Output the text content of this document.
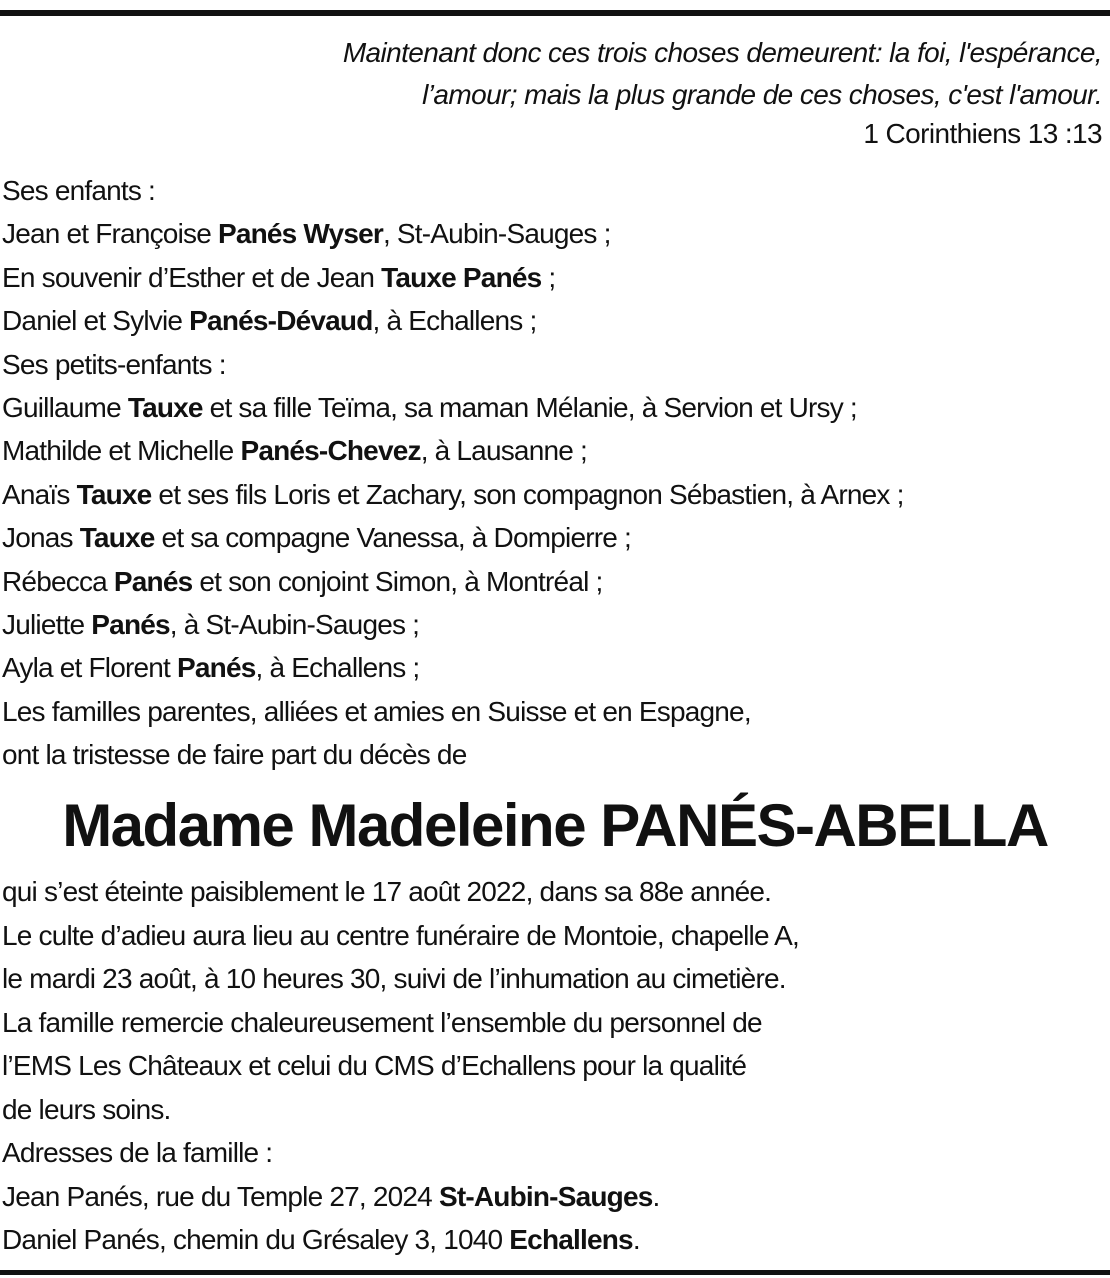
Maintenant donc ces trois choses demeurent: la foi, l'espérance,
l’amour; mais la plus grande de ces choses, c'est l'amour.
1 Corinthiens 13 :13
Ses enfants :
Jean et Françoise Panés Wyser, St-Aubin-Sauges ;
En souvenir d’Esther et de Jean Tauxe Panés ;
Daniel et Sylvie Panés-Dévaud, à Echallens ;
Ses petits-enfants :
Guillaume Tauxe et sa fille Teïma, sa maman Mélanie, à Servion et Ursy ;
Mathilde et Michelle Panés-Chevez, à Lausanne ;
Anaïs Tauxe et ses fils Loris et Zachary, son compagnon Sébastien, à Arnex ;
Jonas Tauxe et sa compagne Vanessa, à Dompierre ;
Rébecca Panés et son conjoint Simon, à Montréal ;
Juliette Panés, à St-Aubin-Sauges ;
Ayla et Florent Panés, à Echallens ;
Les familles parentes, alliées et amies en Suisse et en Espagne,
ont la tristesse de faire part du décès de
Madame Madeleine PANÉS-ABELLA
qui s’est éteinte paisiblement le 17 août 2022, dans sa 88e année.
Le culte d’adieu aura lieu au centre funéraire de Montoie, chapelle A,
le mardi 23 août, à 10 heures 30, suivi de l’inhumation au cimetière.
La famille remercie chaleureusement l’ensemble du personnel de
l’EMS Les Châteaux et celui du CMS d’Echallens pour la qualité
de leurs soins.
Adresses de la famille :
Jean Panés, rue du Temple 27, 2024 St-Aubin-Sauges.
Daniel Panés, chemin du Grésaley 3, 1040 Echallens.
